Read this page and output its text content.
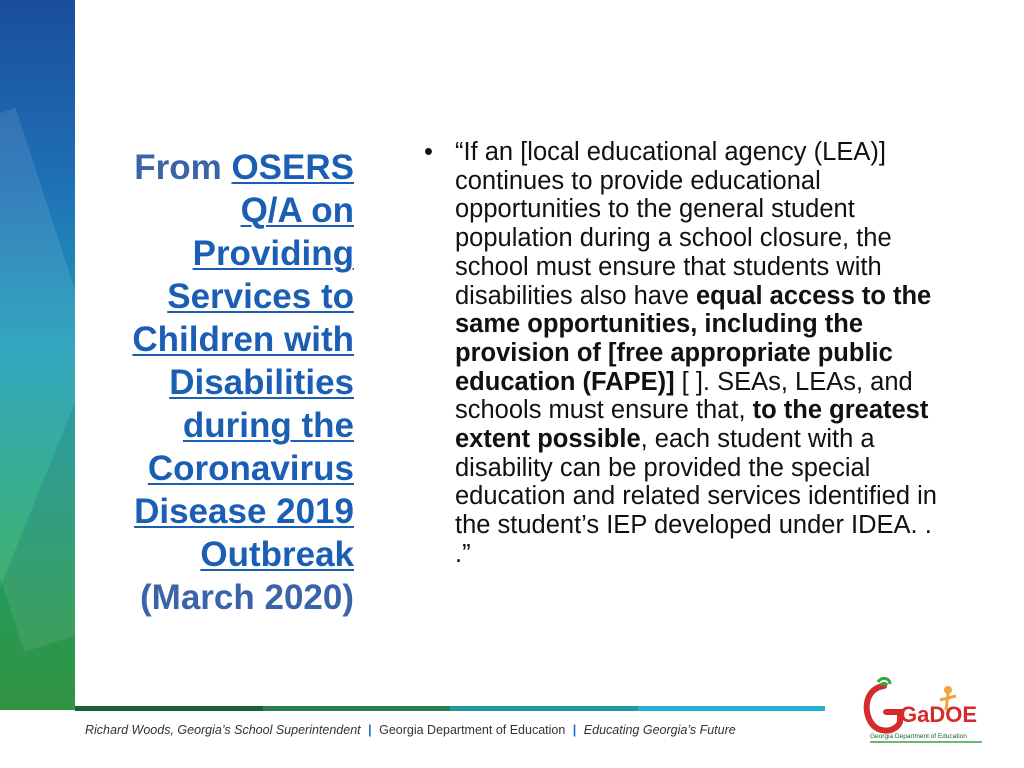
From OSERS
Q/A on
Providing
Services to
Children with
Disabilities
during the
Coronavirus
Disease 2019
Outbreak
(March 2020)
• “If an [local educational agency (LEA)] continues to provide educational opportunities to the general student population during a school closure, the school must ensure that students with disabilities also have equal access to the same opportunities, including the provision of [free appropriate public education (FAPE)] [ ]. SEAs, LEAs, and schools must ensure that, to the greatest extent possible, each student with a disability can be provided the special education and related services identified in the student’s IEP developed under IDEA. . .”
Richard Woods, Georgia’s School Superintendent | Georgia Department of Education | Educating Georgia’s Future
GaDOE
Georgia Department of Education
